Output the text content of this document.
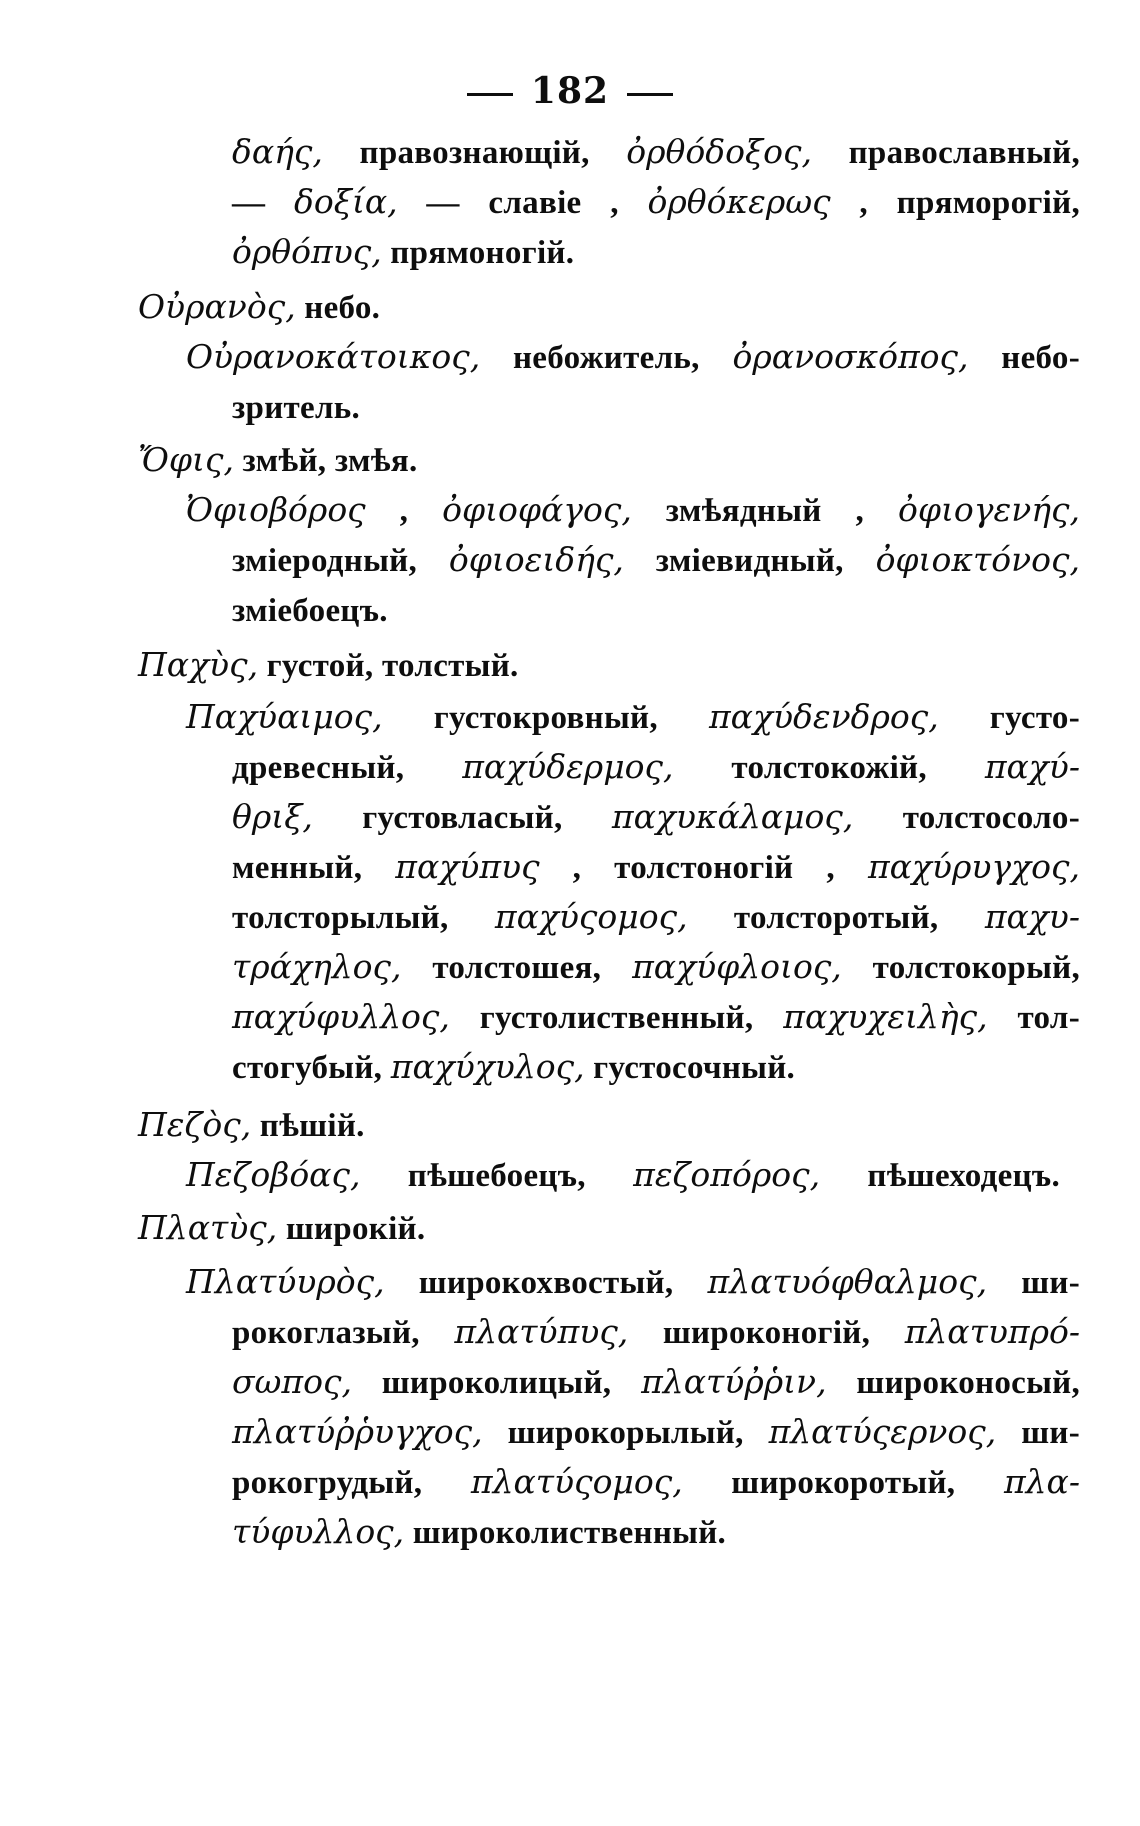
182
δαής, правознающій, ὀρθόδοξος, православный,
— δοξία, — славіе , ὀρθόκερως , пряморогій,
ὀρθόπυς, прямоногій.
Οὐρανὸς, небо.
Οὐρανοκάτοικος, небожитель, ὀρανοσκόπος, небо-
зритель.
Ὄφις, змѣй, змѣя.
Ὀφιοβόρος , ὀφιοφάγος, змѣядный , ὀφιογενής,
зміеродный, ὀφιοειδής, зміевидный, ὀφιοκτόνος,
зміебоецъ.
Παχὺς, густой, толстый.
Παχύαιμος, густокровный, παχύδενδρος, густо-
древесный, παχύδερμος, толстокожій, παχύ-
θριξ, густовласый, παχυκάλαμος, толстосоло-
менный, παχύπυς , толстоногій , παχύρυγχος,
толсторылый, παχύςομος, толсторотый, παχυ-
τράχηλος, толстошея, παχύφλοιος, толстокорый,
παχύφυλλος, густолиственный, παχυχειλὴς, тол-
стогубый, παχύχυλος, густосочный.
Πεζὸς, пѣшій.
Πεζοβόας, пѣшебоецъ, πεζοπόρος, пѣшеходецъ.
Πλατὺς, широкій.
Πλατύυρὸς, широкохвостый, πλατυόφθαλμος, ши-
рокоглазый, πλατύπυς, широконогій, πλατυπρό-
σωπος, широколицый, πλατύῤῥιν, широконосый,
πλατύῤῥυγχος, широкорылый, πλατύςερνος, ши-
рокогрудый, πλατύςομος, широкоротый, πλα-
τύφυλλος, широколиственный.
